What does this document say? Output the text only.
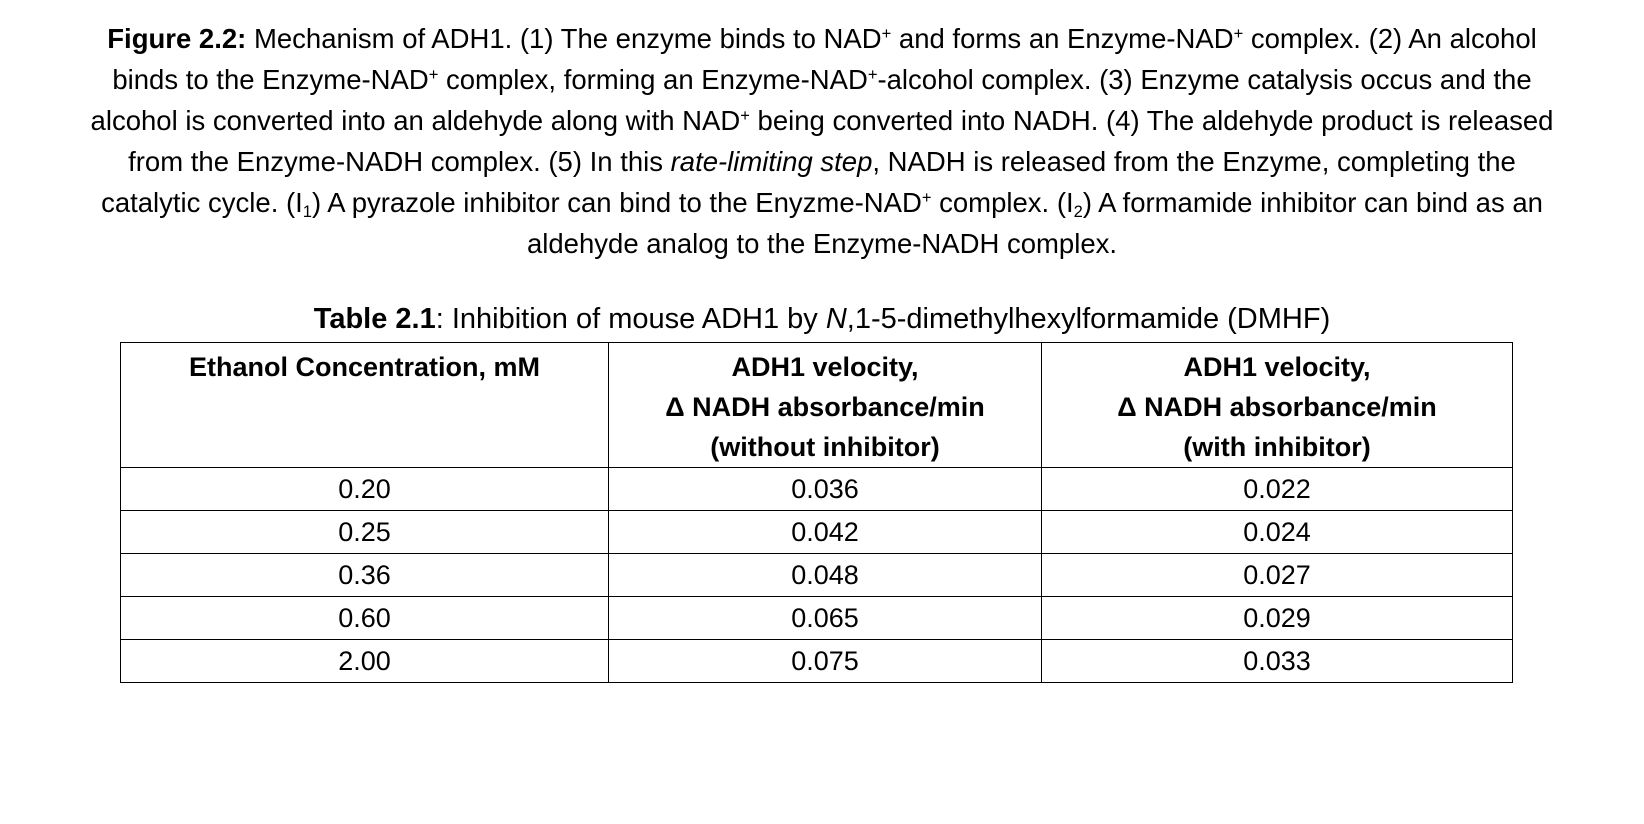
Figure 2.2: Mechanism of ADH1. (1) The enzyme binds to NAD+ and forms an Enzyme-NAD+ complex. (2) An alcohol
binds to the Enzyme-NAD+ complex, forming an Enzyme-NAD+-alcohol complex. (3) Enzyme catalysis occus and the
alcohol is converted into an aldehyde along with NAD+ being converted into NADH. (4) The aldehyde product is released
from the Enzyme-NADH complex. (5) In this rate-limiting step, NADH is released from the Enzyme, completing the
catalytic cycle. $(I_1)$ A pyrazole inhibitor can bind to the Enyzme-NAD+ complex. $(I_2)$ A formamide inhibitor can bind as an
aldehyde analog to the Enzyme-NADH complex.
Table 2.1: Inhibition of mouse ADH1 by N,1-5-dimethylhexylformamide (DMHF)
Ethanol Concentration, mM	ADH1 velocity,
Δ NADH absorbance/min
(without inhibitor)	ADH1 velocity,
Δ NADH absorbance/min
(with inhibitor)
0.20	0.036	0.022
0.25	0.042	0.024
0.36	0.048	0.027
0.60	0.065	0.029
2.00	0.075	0.033
